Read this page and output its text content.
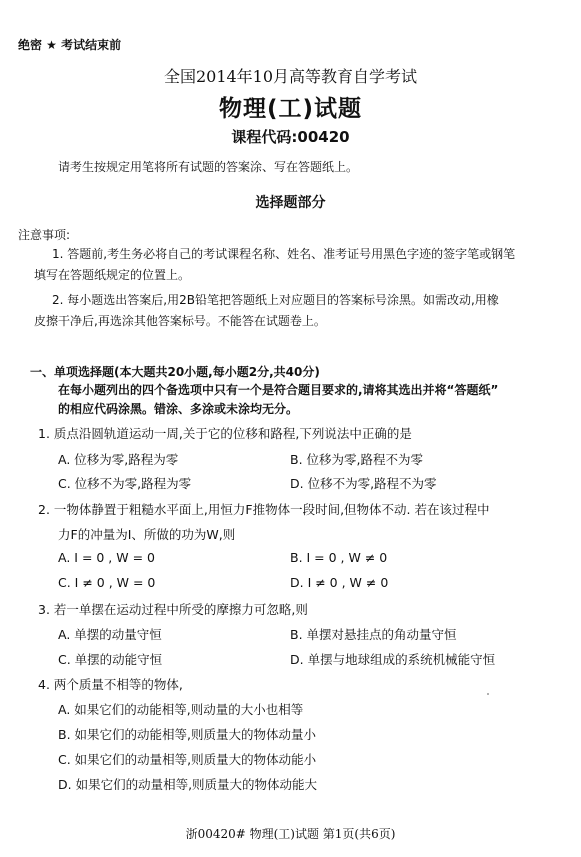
绝密 ★ 考试结束前
全国2014年10月高等教育自学考试
物理(工)试题
课程代码:00420
请考生按规定用笔将所有试题的答案涂、写在答题纸上。
选择题部分
注意事项:
1. 答题前,考生务必将自己的考试课程名称、姓名、准考证号用黑色字迹的签字笔或钢笔
填写在答题纸规定的位置上。
2. 每小题选出答案后,用2B铅笔把答题纸上对应题目的答案标号涂黑。如需改动,用橡
皮擦干净后,再选涂其他答案标号。不能答在试题卷上。
一、单项选择题(本大题共20小题,每小题2分,共40分)
在每小题列出的四个备选项中只有一个是符合题目要求的,请将其选出并将“答题纸”
的相应代码涂黑。错涂、多涂或未涂均无分。
1. 质点沿圆轨道运动一周,关于它的位移和路程,下列说法中正确的是
A. 位移为零,路程为零	B. 位移为零,路程不为零
C. 位移不为零,路程为零	D. 位移不为零,路程不为零
2. 一物体静置于粗糙水平面上,用恒力F推物体一段时间,但物体不动. 若在该过程中
力F的冲量为I、所做的功为W,则
A. I = 0 , W = 0	B. I = 0 , W ≠ 0
C. I ≠ 0 , W = 0	D. I ≠ 0 , W ≠ 0
3. 若一单摆在运动过程中所受的摩擦力可忽略,则
A. 单摆的动量守恒	B. 单摆对悬挂点的角动量守恒
C. 单摆的动能守恒	D. 单摆与地球组成的系统机械能守恒
4. 两个质量不相等的物体,
A. 如果它们的动能相等,则动量的大小也相等
B. 如果它们的动能相等,则质量大的物体动量小
C. 如果它们的动量相等,则质量大的物体动能小
D. 如果它们的动量相等,则质量大的物体动能大
浙00420# 物理(工)试题 第1页(共6页)
